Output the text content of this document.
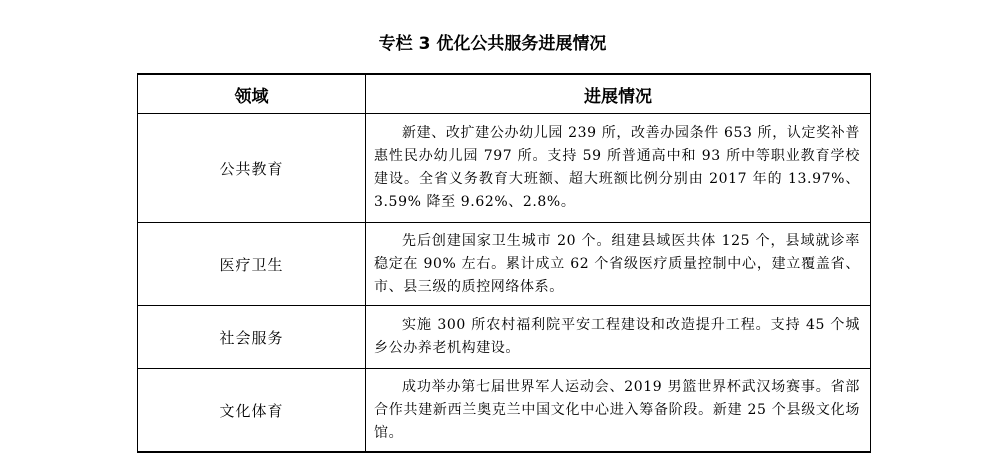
专栏 3 优化公共服务进展情况
领域	进展情况
公共教育	新建、改扩建公办幼儿园 239 所，改善办园条件 653 所，认定奖补普惠性民办幼儿园 797 所。支持 59 所普通高中和 93 所中等职业教育学校建设。全省义务教育大班额、超大班额比例分别由 2017 年的 13.97%、3.59% 降至 9.62%、2.8%。
医疗卫生	先后创建国家卫生城市 20 个。组建县域医共体 125 个，县域就诊率稳定在 90% 左右。累计成立 62 个省级医疗质量控制中心，建立覆盖省、市、县三级的质控网络体系。
社会服务	实施 300 所农村福利院平安工程建设和改造提升工程。支持 45 个城乡公办养老机构建设。
文化体育	成功举办第七届世界军人运动会、2019 男篮世界杯武汉场赛事。省部合作共建新西兰奥克兰中国文化中心进入筹备阶段。新建 25 个县级文化场馆。
